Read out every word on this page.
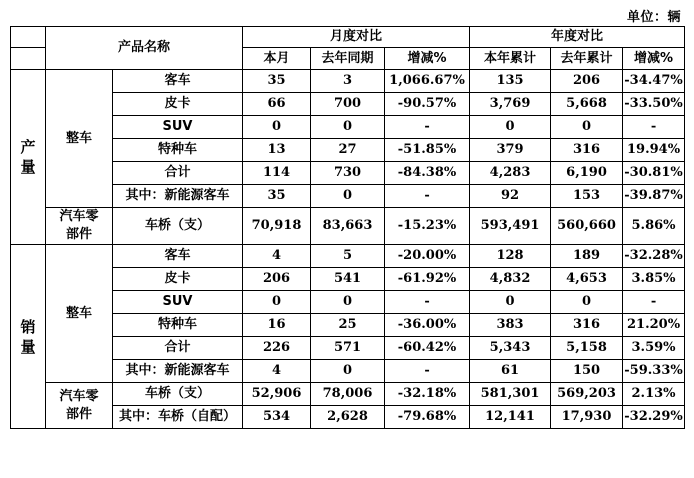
单位：辆
	产品名称		月度对比			年度对比		
			本月	去年同期	增减%	本年累计	去年累计	增减%
产
量	整车	客车	35	3	1,066.67%	135	206	-34.47%
		皮卡	66	700	-90.57%	3,769	5,668	-33.50%
		SUV	0	0	-	0	0	-
		特种车	13	27	-51.85%	379	316	19.94%
		合计	114	730	-84.38%	4,283	6,190	-30.81%
		其中：新能源客车	35	0	-	92	153	-39.87%
	汽车零
部件	车桥（支）	70,918	83,663	-15.23%	593,491	560,660	5.86%
销
量	整车	客车	4	5	-20.00%	128	189	-32.28%
		皮卡	206	541	-61.92%	4,832	4,653	3.85%
		SUV	0	0	-	0	0	-
		特种车	16	25	-36.00%	383	316	21.20%
		合计	226	571	-60.42%	5,343	5,158	3.59%
		其中：新能源客车	4	0	-	61	150	-59.33%
	汽车零
部件	车桥（支）	52,906	78,006	-32.18%	581,301	569,203	2.13%
		其中：车桥（自配）	534	2,628	-79.68%	12,141	17,930	-32.29%
